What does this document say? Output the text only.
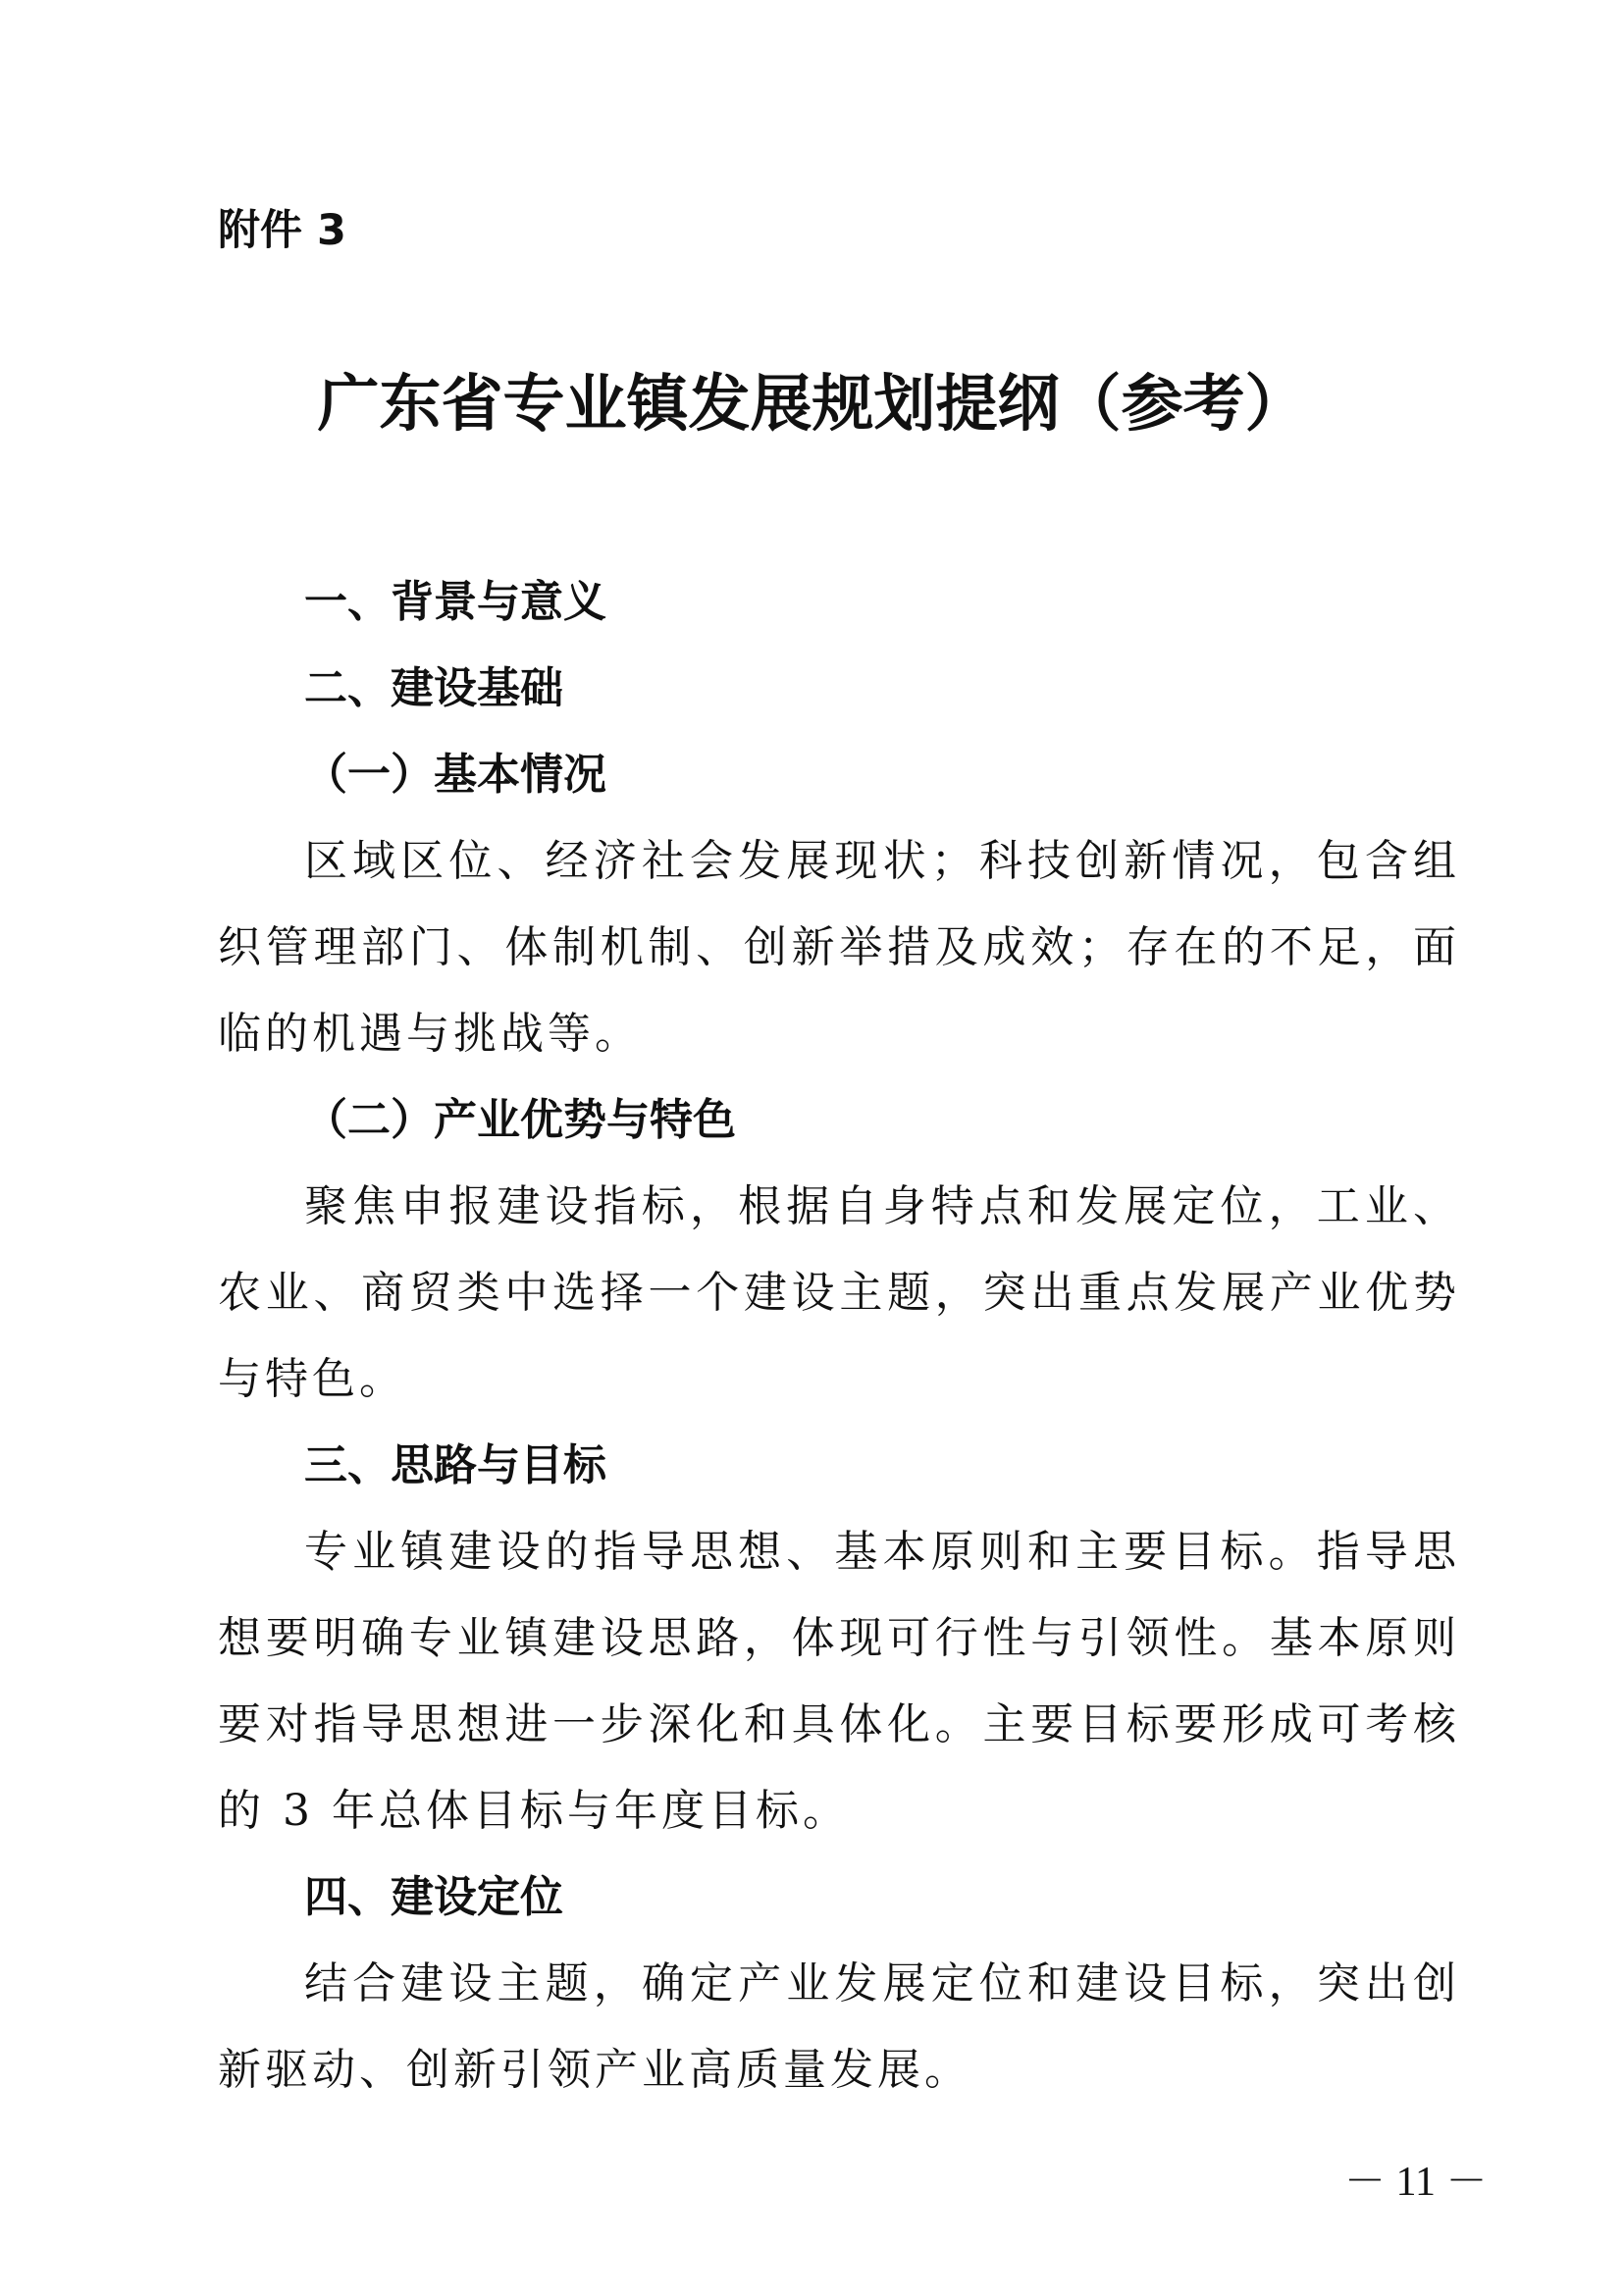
附件 3
广东省专业镇发展规划提纲（参考）

一、背景与意义

二、建设基础

（一）基本情况

区域区位、经济社会发展现状；科技创新情况，包含组织管理部门、体制机制、创新举措及成效；存在的不足，面临的机遇与挑战等。

（二）产业优势与特色

聚焦申报建设指标，根据自身特点和发展定位，工业、农业、商贸类中选择一个建设主题，突出重点发展产业优势与特色。

三、思路与目标

专业镇建设的指导思想、基本原则和主要目标。指导思想要明确专业镇建设思路，体现可行性与引领性。基本原则要对指导思想进一步深化和具体化。主要目标要形成可考核的 3 年总体目标与年度目标。

四、建设定位

结合建设主题，确定产业发展定位和建设目标，突出创新驱动、创新引领产业高质量发展。

－ 11 －
